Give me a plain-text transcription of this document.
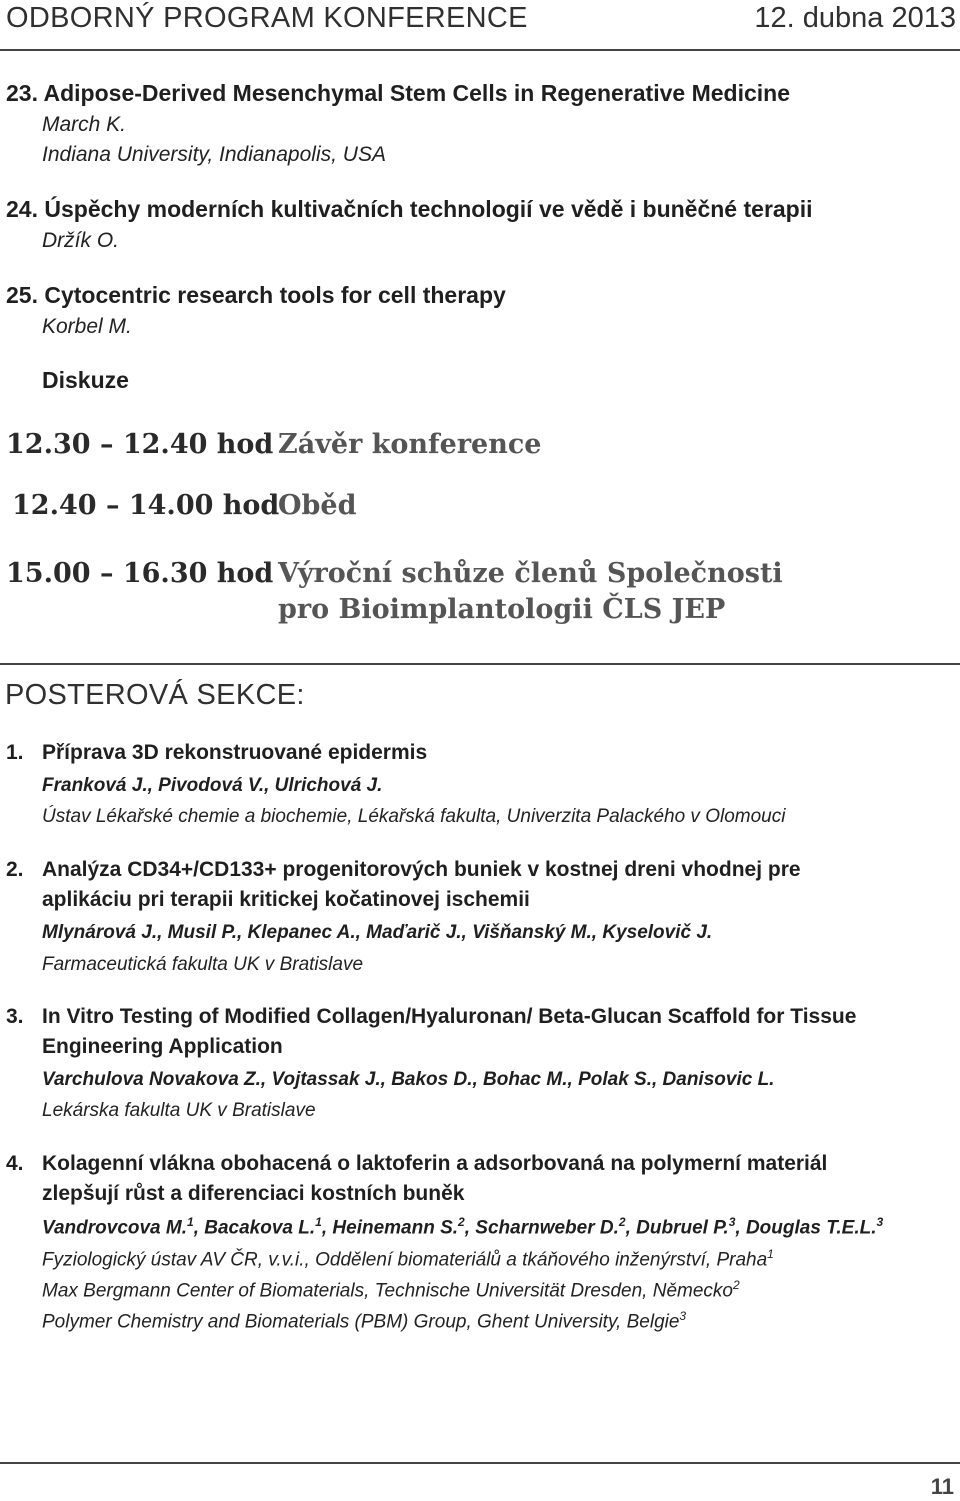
ODBORNÝ PROGRAM KONFERENCE	12. dubna 2013
23. Adipose-Derived Mesenchymal Stem Cells in Regenerative Medicine
March K.
Indiana University, Indianapolis, USA
24. Úspěchy moderních kultivačních technologií ve vědě i buněčné terapii
Držík O.
25. Cytocentric research tools for cell therapy
Korbel M.
Diskuze
12.30 – 12.40 hod Závěr konference
12.40 – 14.00 hod
Oběd
15.00 – 16.30 hod Výroční schůze členů Společnosti
pro Bioimplantologii ČLS JEP
POSTEROVÁ SEKCE:
1. Příprava 3D rekonstruované epidermis
Franková J., Pivodová V., Ulrichová J.
Ústav Lékařské chemie a biochemie, Lékařská fakulta, Univerzita Palackého v Olomouci
2. Analýza CD34+/CD133+ progenitorových buniek v kostnej dreni vhodnej pre
aplikáciu pri terapii kritickej kočatinovej ischemii
Mlynárová J., Musil P., Klepanec A., Maďarič J., Višňanský M., Kyselovič J.
Farmaceutická fakulta UK v Bratislave
3. In Vitro Testing of Modified Collagen/Hyaluronan/ Beta-Glucan Scaffold for Tissue
Engineering Application
Varchulova Novakova Z., Vojtassak J., Bakos D., Bohac M., Polak S., Danisovic L.
Lekárska fakulta UK v Bratislave
4. Kolagenní vlákna obohacená o laktoferin a adsorbovaná na polymerní materiál
zlepšují růst a diferenciaci kostních buněk
Vandrovcova M.$^1$, Bacakova L.$^1$, Heinemann S.$^2$, Scharnweber D.$^2$, Dubruel P.$^3$, Douglas T.E.L.$^3$
Fyziologický ústav AV ČR, v.v.i., Oddělení biomateriálů a tkáňového inženýrství, Praha$^1$
Max Bergmann Center of Biomaterials, Technische Universität Dresden, Německo$^2$
Polymer Chemistry and Biomaterials (PBM) Group, Ghent University, Belgie$^3$
11
